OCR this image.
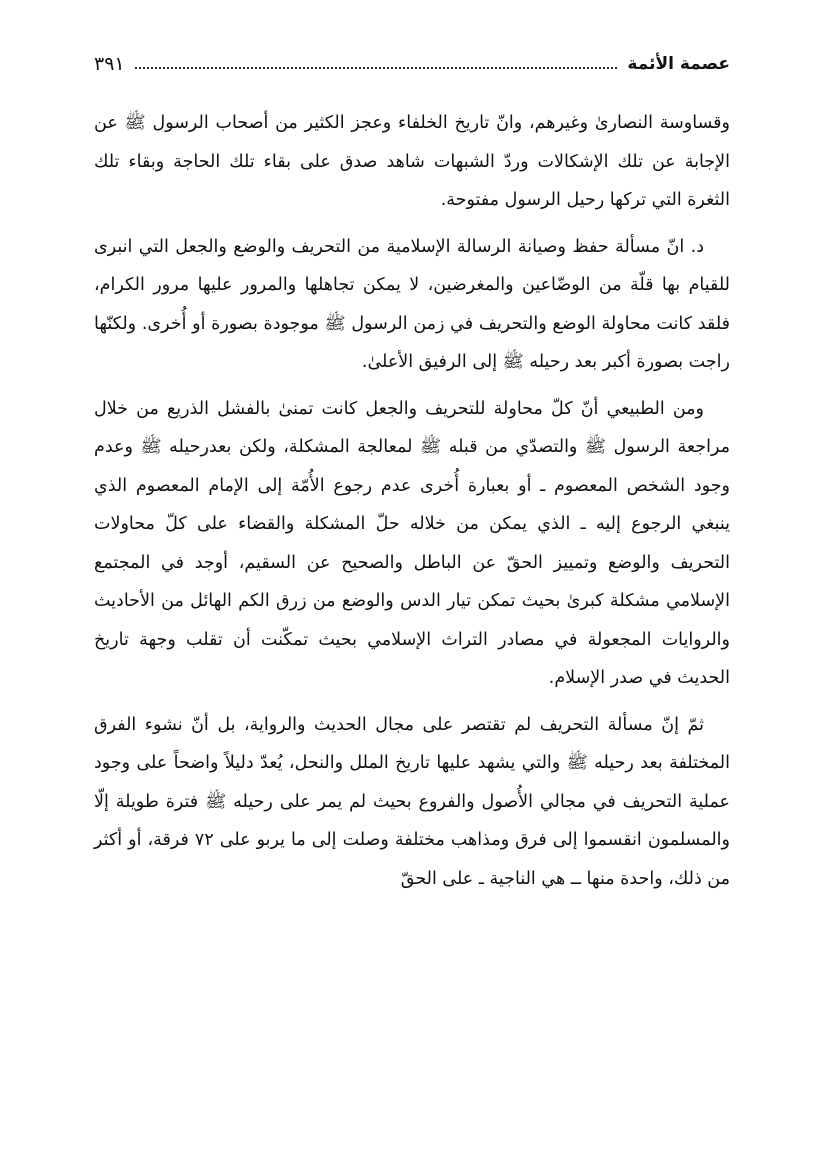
عصمة الأئمة
٣٩١

وقساوسة النصارىٰ وغيرهم، وانّ تاريخ الخلفاء وعجز الكثير من أصحاب الرسول ﷺ عن الإجابة عن تلك الإشكالات وردّ الشبهات شاهد صدق على بقاء تلك الحاجة وبقاء تلك الثغرة التي تركها رحيل الرسول مفتوحة.

د. انّ مسألة حفظ وصيانة الرسالة الإسلامية من التحريف والوضع والجعل التي انبرى للقيام بها قلّة من الوضّاعين والمغرضين، لا يمكن تجاهلها والمرور عليها مرور الكرام، فلقد كانت محاولة الوضع والتحريف في زمن الرسول ﷺ موجودة بصورة أو أُخرى. ولكنّها راجت بصورة أكبر بعد رحيله ﷺ إلى الرفيق الأعلىٰ.

ومن الطبيعي أنّ كلّ محاولة للتحريف والجعل كانت تمنىٰ بالفشل الذريع من خلال مراجعة الرسول ﷺ والتصدّي من قبله ﷺ لمعالجة المشكلة، ولكن بعدرحيله ﷺ وعدم وجود الشخص المعصوم ـ أو بعبارة أُخرى عدم رجوع الأُمّة إلى الإمام المعصوم الذي ينبغي الرجوع إليه ـ الذي يمكن من خلاله حلّ المشكلة والقضاء على كلّ محاولات التحريف والوضع وتمييز الحقّ عن الباطل والصحيح عن السقيم، أوجد في المجتمع الإسلامي مشكلة كبرىٰ بحيث تمكن تيار الدس والوضع من زرق الكم الهائل من الأحاديث والروايات المجعولة في مصادر التراث الإسلامي بحيث تمكّنت أن تقلب وجهة تاريخ الحديث في صدر الإسلام.

ثمّ إنّ مسألة التحريف لم تقتصر على مجال الحديث والرواية، بل أنّ نشوء الفرق المختلفة بعد رحيله ﷺ والتي يشهد عليها تاريخ الملل والنحل، يُعدّ دليلاً واضحاً على وجود عملية التحريف في مجالي الأُصول والفروع بحيث لم يمر على رحيله ﷺ فترة طويلة إلّا والمسلمون انقسموا إلى فرق ومذاهب مختلفة وصلت إلى ما يربو على ٧٢ فرقة، أو أكثر من ذلك، واحدة منها ــ هي الناجية ـ على الحقّ
